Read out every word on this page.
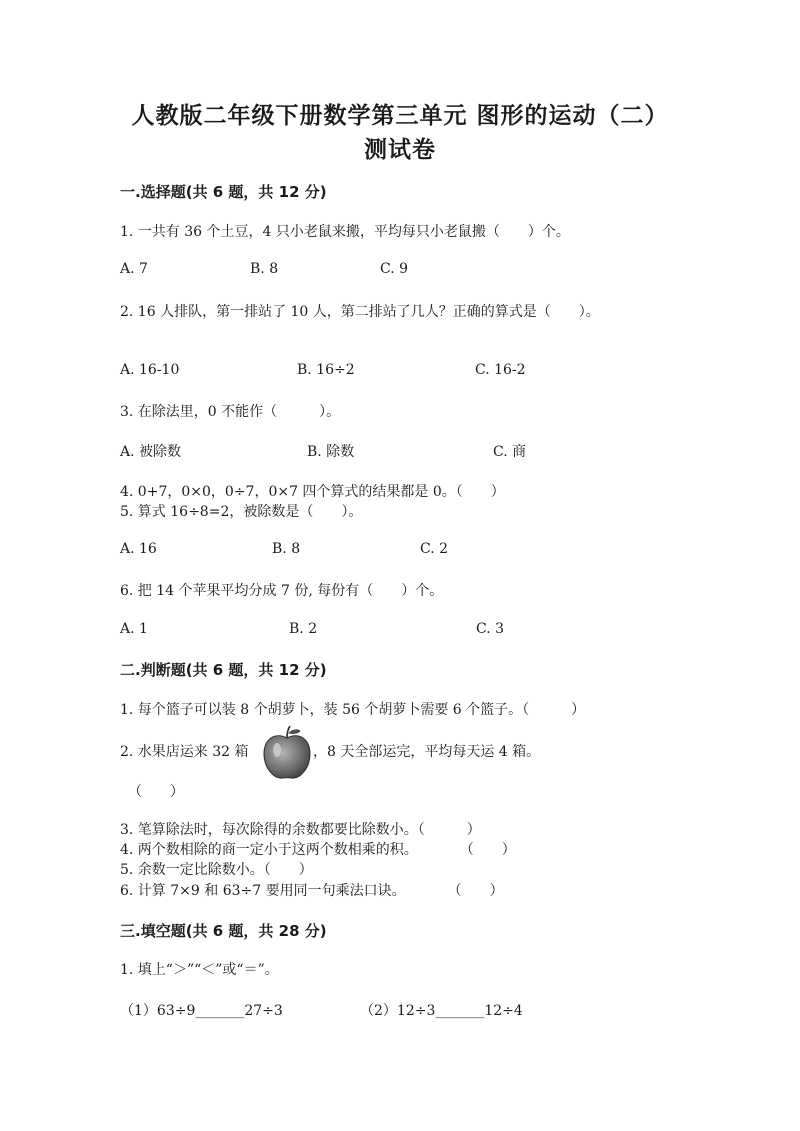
人教版二年级下册数学第三单元 图形的运动（二）
测试卷
一.选择题(共 6 题，共 12 分)
1. 一共有 36 个土豆，4 只小老鼠来搬，平均每只小老鼠搬（　　）个。
A. 7	B. 8	C. 9
2. 16 人排队，第一排站了 10 人，第二排站了几人？正确的算式是（　　）。
A. 16-10	B. 16÷2	C. 16-2
3. 在除法里，0 不能作（　　　）。
A. 被除数	B. 除数	C. 商
4. 0+7，0×0，0÷7，0×7 四个算式的结果都是 0。（　　）
5. 算式 16÷8=2，被除数是（　　）。
A. 16	B. 8	C. 2
6. 把 14 个苹果平均分成 7 份, 每份有（　　）个。
A. 1	B. 2	C. 3
二.判断题(共 6 题，共 12 分)
1. 每个篮子可以装 8 个胡萝卜，装 56 个胡萝卜需要 6 个篮子。（　　　）
2. 水果店运来 32 箱	，8 天全部运完，平均每天运 4 箱。
（　　）
3. 笔算除法时，每次除得的余数都要比除数小。（　　　）
4. 两个数相除的商一定小于这两个数相乘的积。　　　　（　　）
5. 余数一定比除数小。（　　）
6. 计算 7×9 和 63÷7 要用同一句乘法口诀。　　　　（　　）
三.填空题(共 6 题，共 28 分)
1. 填上“＞”“＜”或“＝”。
（1）63÷9_______27÷3	（2）12÷3_______12÷4
